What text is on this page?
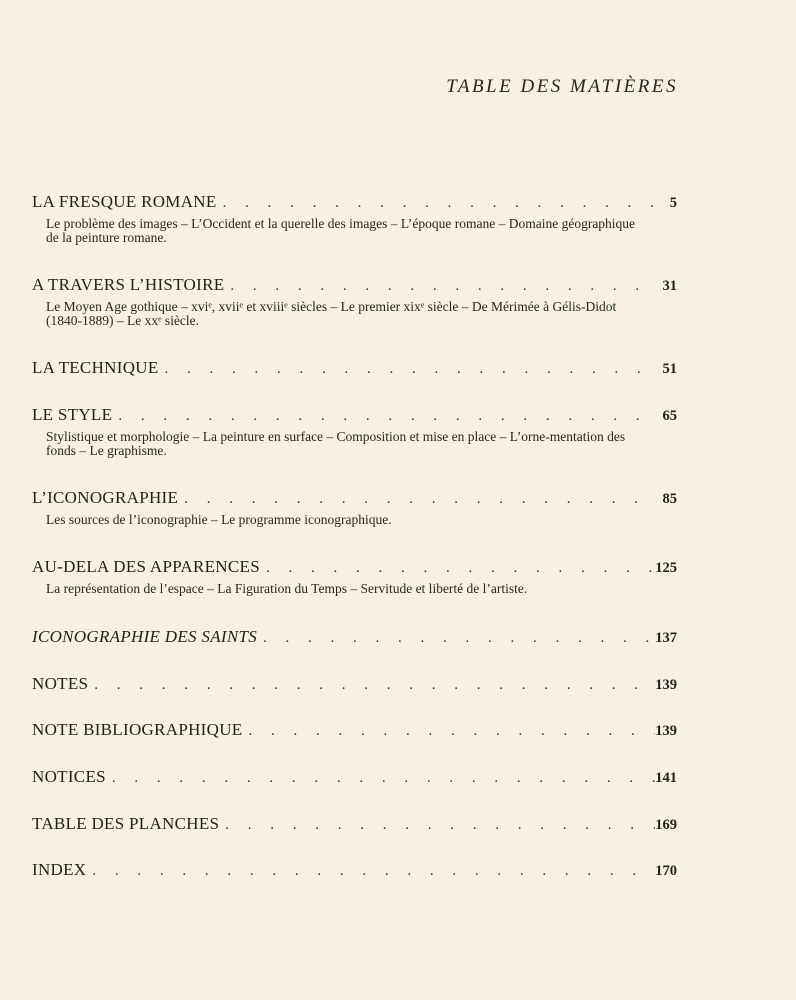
TABLE DES MATIÈRES
LA FRESQUE ROMANE . . .	5
Le problème des images – L’Occident et la querelle des images – L’époque romane – Domaine géographique de la peinture romane.
A TRAVERS L’HISTOIRE . . .	31
Le Moyen Age gothique – xviᵉ, xviiᵉ et xviiiᵉ siècles – Le premier xixᵉ siècle – De Mérimée à Gélis-Didot (1840-1889) – Le xxᵉ siècle.
LA TECHNIQUE . . .	51
LE STYLE . . .	65
Stylistique et morphologie – La peinture en surface – Composition et mise en place – L’orne-mentation des fonds – Le graphisme.
L’ICONOGRAPHIE . . .	85
Les sources de l’iconographie – Le programme iconographique.
AU-DELA DES APPARENCES . . .	125
La représentation de l’espace – La Figuration du Temps – Servitude et liberté de l’artiste.
ICONOGRAPHIE DES SAINTS . . .	137
NOTES . . .	139
NOTE BIBLIOGRAPHIQUE . . .	139
NOTICES . . .	141
TABLE DES PLANCHES . . .	169
INDEX . . .	170
